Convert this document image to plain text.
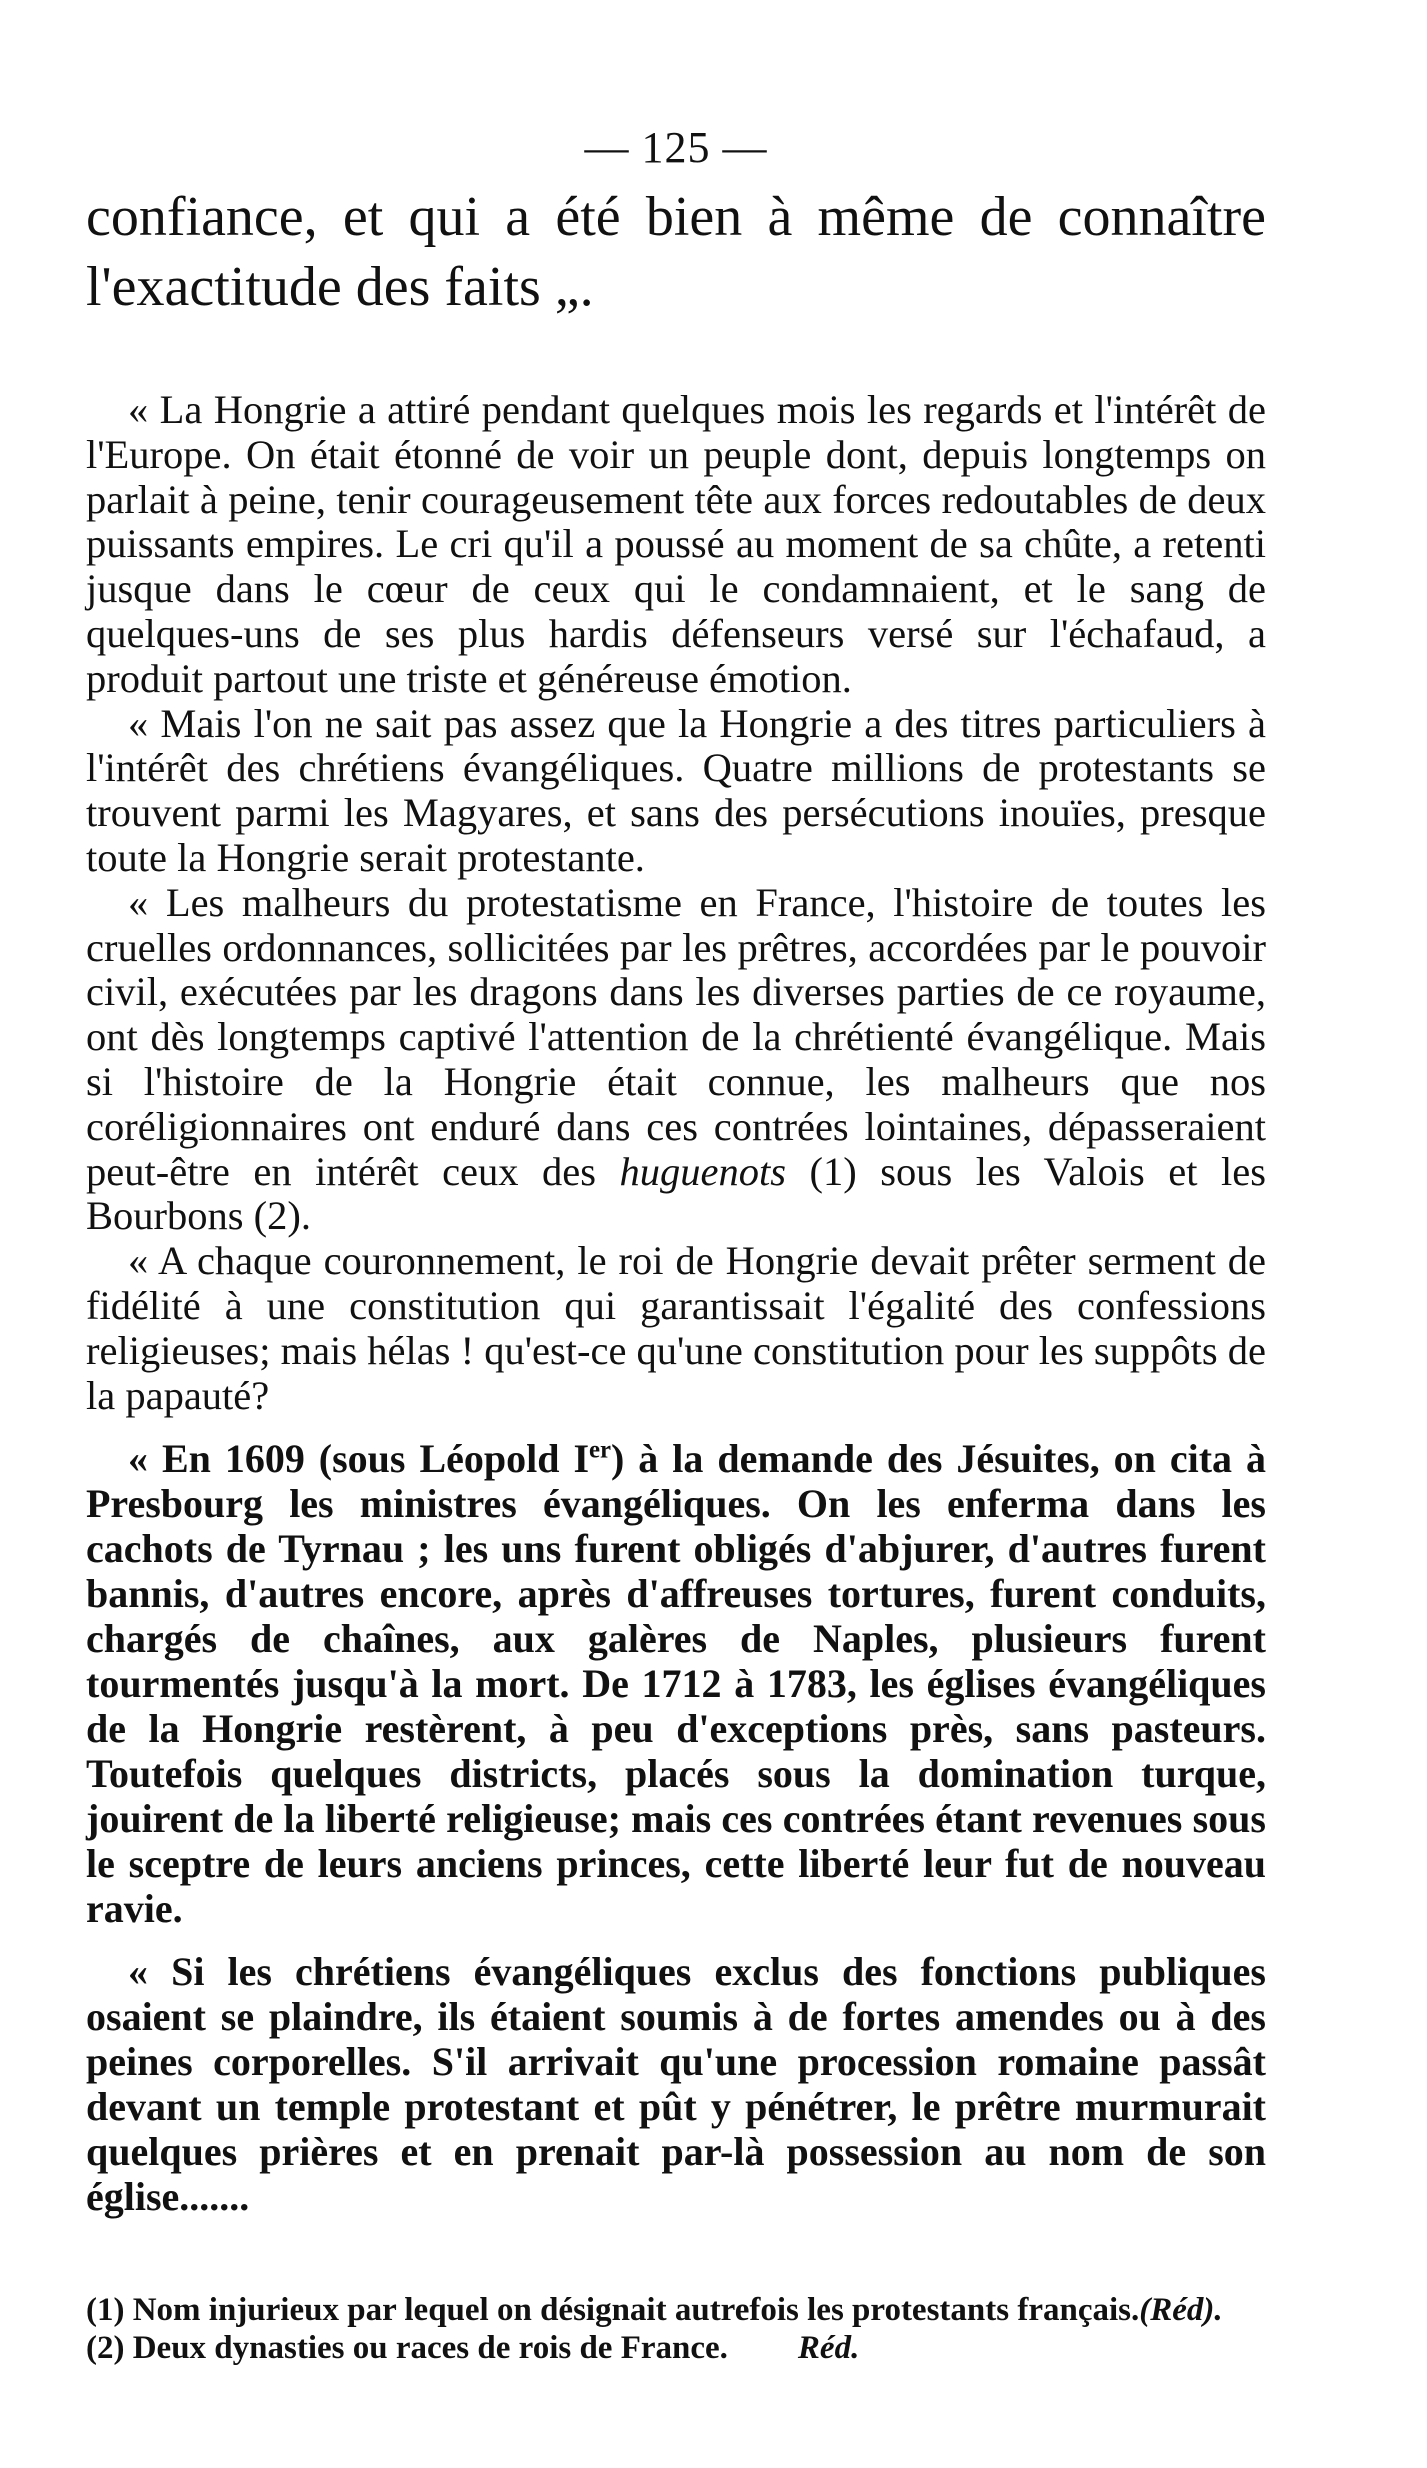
— 125 —

confiance, et qui a été bien à même de connaître l'exactitude des faits „.

« La Hongrie a attiré pendant quelques mois les regards et l'intérêt de l'Europe. On était étonné de voir un peuple dont, depuis longtemps on parlait à peine, tenir courageusement tête aux forces redoutables de deux puissants empires. Le cri qu'il a poussé au moment de sa chûte, a retenti jusque dans le cœur de ceux qui le condamnaient, et le sang de quelques-uns de ses plus hardis défenseurs versé sur l'échafaud, a produit partout une triste et généreuse émotion.

« Mais l'on ne sait pas assez que la Hongrie a des titres particuliers à l'intérêt des chrétiens évangéliques. Quatre millions de protestants se trouvent parmi les Magyares, et sans des persécutions inouïes, presque toute la Hongrie serait protestante.

« Les malheurs du protestatisme en France, l'histoire de toutes les cruelles ordonnances, sollicitées par les prêtres, accordées par le pouvoir civil, exécutées par les dragons dans les diverses parties de ce royaume, ont dès longtemps captivé l'attention de la chrétienté évangélique. Mais si l'histoire de la Hongrie était connue, les malheurs que nos coréligionnaires ont enduré dans ces contrées lointaines, dépasseraient peut-être en intérêt ceux des huguenots (1) sous les Valois et les Bourbons (2).

« A chaque couronnement, le roi de Hongrie devait prêter serment de fidélité à une constitution qui garantissait l'égalité des confessions religieuses; mais hélas ! qu'est-ce qu'une constitution pour les suppôts de la papauté?

« En 1609 (sous Léopold Ier) à la demande des Jésuites, on cita à Presbourg les ministres évangéliques. On les enferma dans les cachots de Tyrnau ; les uns furent obligés d'abjurer, d'autres furent bannis, d'autres encore, après d'affreuses tortures, furent conduits, chargés de chaînes, aux galères de Naples, plusieurs furent tourmentés jusqu'à la mort. De 1712 à 1783, les églises évangéliques de la Hongrie restèrent, à peu d'exceptions près, sans pasteurs. Toutefois quelques districts, placés sous la domination turque, jouirent de la liberté religieuse; mais ces contrées étant revenues sous le sceptre de leurs anciens princes, cette liberté leur fut de nouveau ravie.

« Si les chrétiens évangéliques exclus des fonctions publiques osaient se plaindre, ils étaient soumis à de fortes amendes ou à des peines corporelles. S'il arrivait qu'une procession romaine passât devant un temple protestant et pût y pénétrer, le prêtre murmurait quelques prières et en prenait par-là possession au nom de son église.......

(1) Nom injurieux par lequel on désignait autrefois les protestants français.(Réd).

(2) Deux dynasties ou races de rois de France. Réd.
